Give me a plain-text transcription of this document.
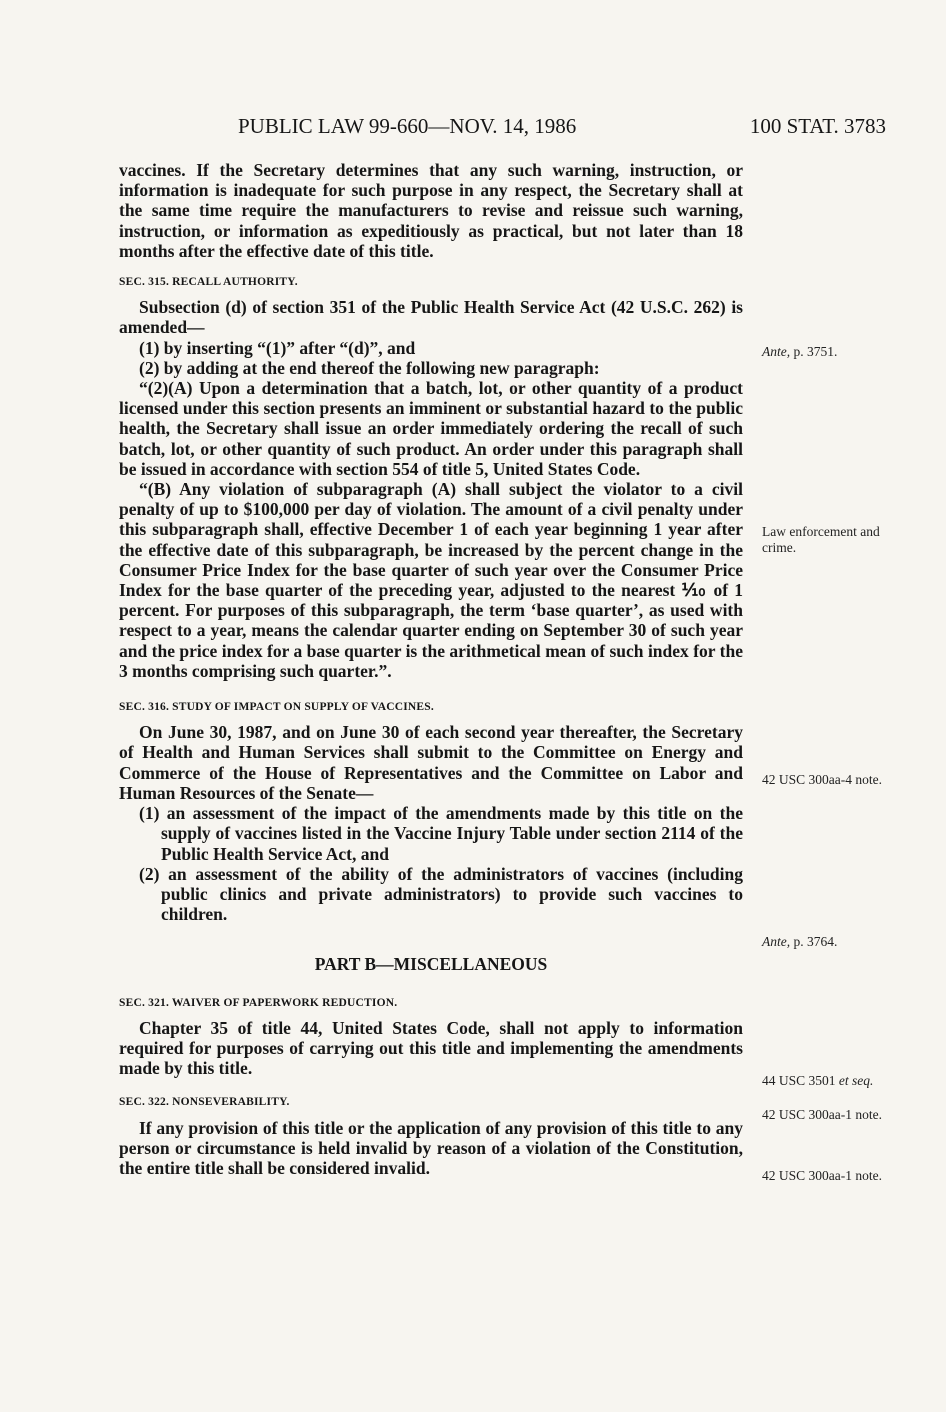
PUBLIC LAW 99-660—NOV. 14, 1986	100 STAT. 3783

vaccines. If the Secretary determines that any such warning, instruction, or information is inadequate for such purpose in any respect, the Secretary shall at the same time require the manufacturers to revise and reissue such warning, instruction, or information as expeditiously as practical, but not later than 18 months after the effective date of this title.

SEC. 315. RECALL AUTHORITY.

Subsection (d) of section 351 of the Public Health Service Act (42 U.S.C. 262) is amended—

(1) by inserting “(1)” after “(d)”, and

(2) by adding at the end thereof the following new paragraph:

“(2)(A) Upon a determination that a batch, lot, or other quantity of a product licensed under this section presents an imminent or substantial hazard to the public health, the Secretary shall issue an order immediately ordering the recall of such batch, lot, or other quantity of such product. An order under this paragraph shall be issued in accordance with section 554 of title 5, United States Code.

“(B) Any violation of subparagraph (A) shall subject the violator to a civil penalty of up to $100,000 per day of violation. The amount of a civil penalty under this subparagraph shall, effective December 1 of each year beginning 1 year after the effective date of this subparagraph, be increased by the percent change in the Consumer Price Index for the base quarter of such year over the Consumer Price Index for the base quarter of the preceding year, adjusted to the nearest ⅒ of 1 percent. For purposes of this subparagraph, the term ‘base quarter’, as used with respect to a year, means the calendar quarter ending on September 30 of such year and the price index for a base quarter is the arithmetical mean of such index for the 3 months comprising such quarter.”.

SEC. 316. STUDY OF IMPACT ON SUPPLY OF VACCINES.

On June 30, 1987, and on June 30 of each second year thereafter, the Secretary of Health and Human Services shall submit to the Committee on Energy and Commerce of the House of Representatives and the Committee on Labor and Human Resources of the Senate—

(1) an assessment of the impact of the amendments made by this title on the supply of vaccines listed in the Vaccine Injury Table under section 2114 of the Public Health Service Act, and

(2) an assessment of the ability of the administrators of vaccines (including public clinics and private administrators) to provide such vaccines to children.

PART B—MISCELLANEOUS

SEC. 321. WAIVER OF PAPERWORK REDUCTION.

Chapter 35 of title 44, United States Code, shall not apply to information required for purposes of carrying out this title and implementing the amendments made by this title.

SEC. 322. NONSEVERABILITY.

If any provision of this title or the application of any provision of this title to any person or circumstance is held invalid by reason of a violation of the Constitution, the entire title shall be considered invalid.

Ante, p. 3751.
Law enforcement and crime.
42 USC 300aa-4 note.
Ante, p. 3764.
44 USC 3501 et seq.
42 USC 300aa-1 note.
42 USC 300aa-1 note.
